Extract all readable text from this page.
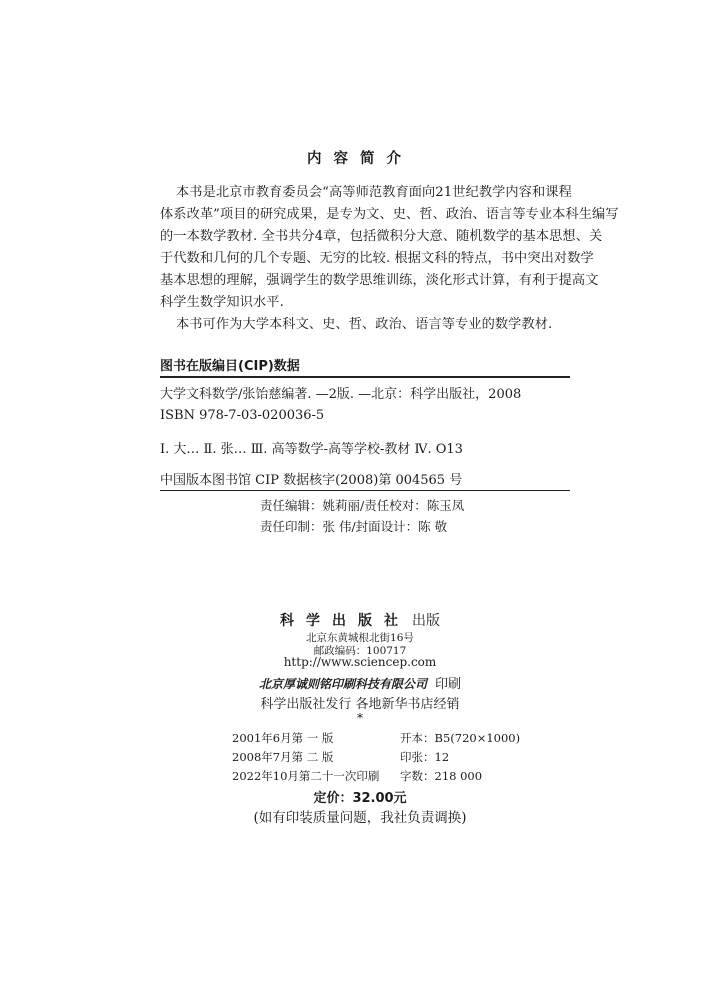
内容简介
本书是北京市教育委员会“高等师范教育面向21世纪教学内容和课程
体系改革”项目的研究成果，是专为文、史、哲、政治、语言等专业本科生编写
的一本数学教材. 全书共分4章，包括微积分大意、随机数学的基本思想、关
于代数和几何的几个专题、无穷的比较. 根据文科的特点，书中突出对数学
基本思想的理解，强调学生的数学思维训练，淡化形式计算，有利于提高文
科学生数学知识水平.
本书可作为大学本科文、史、哲、政治、语言等专业的数学教材.
图书在版编目(CIP)数据
大学文科数学/张饴慈编著. —2版. —北京：科学出版社，2008
ISBN 978-7-03-020036-5
Ⅰ. 大… Ⅱ. 张… Ⅲ. 高等数学-高等学校-教材 Ⅳ. O13
中国版本图书馆 CIP 数据核字(2008)第 004565 号
责任编辑：姚莉丽/责任校对：陈玉凤
责任印制：张 伟/封面设计：陈 敬
科学出版社 出版
北京东黄城根北街16号
邮政编码：100717
http://www.sciencep.com
北京厚诚则铭印刷科技有限公司 印刷
科学出版社发行 各地新华书店经销
*
2001年6月第 一 版
2008年7月第 二 版
2022年10月第二十一次印刷
开本：B5(720×1000)
印张：12
字数：218 000
定价：32.00元
(如有印装质量问题，我社负责调换)
